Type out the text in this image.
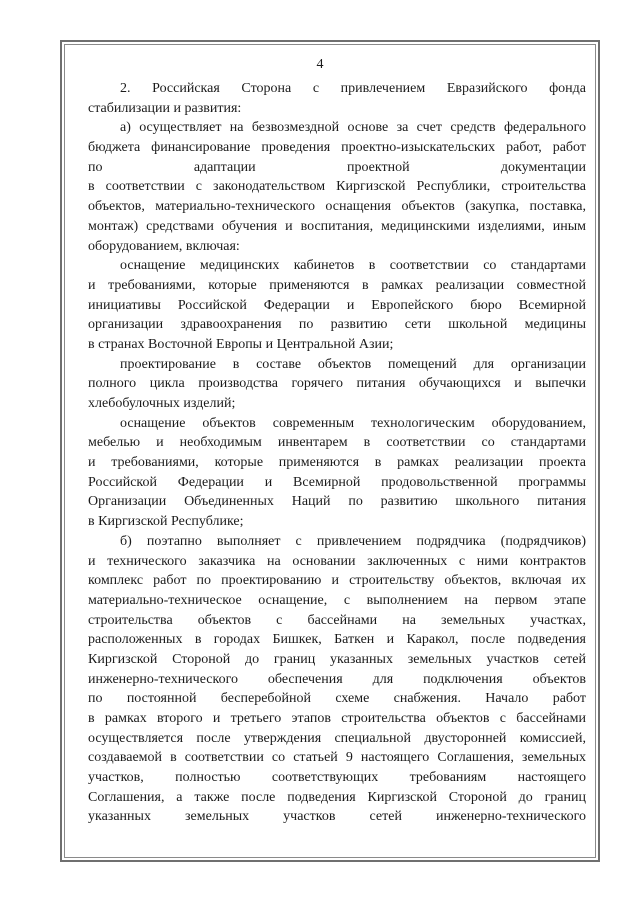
4
2. Российская Сторона с привлечением Евразийского фонда
стабилизации и развития:
а) осуществляет на безвозмездной основе за счет средств федерального
бюджета финансирование проведения проектно-изыскательских работ, работ
по адаптации проектной документации
в соответствии с законодательством Киргизской Республики, строительства
объектов, материально-технического оснащения объектов (закупка, поставка,
монтаж) средствами обучения и воспитания, медицинскими изделиями, иным
оборудованием, включая:
оснащение медицинских кабинетов в соответствии со стандартами
и требованиями, которые применяются в рамках реализации совместной
инициативы Российской Федерации и Европейского бюро Всемирной
организации здравоохранения по развитию сети школьной медицины
в странах Восточной Европы и Центральной Азии;
проектирование в составе объектов помещений для организации
полного цикла производства горячего питания обучающихся и выпечки
хлебобулочных изделий;
оснащение объектов современным технологическим оборудованием,
мебелью и необходимым инвентарем в соответствии со стандартами
и требованиями, которые применяются в рамках реализации проекта
Российской Федерации и Всемирной продовольственной программы
Организации Объединенных Наций по развитию школьного питания
в Киргизской Республике;
б) поэтапно выполняет с привлечением подрядчика (подрядчиков)
и технического заказчика на основании заключенных с ними контрактов
комплекс работ по проектированию и строительству объектов, включая их
материально-техническое оснащение, с выполнением на первом этапе
строительства объектов с бассейнами на земельных участках,
расположенных в городах Бишкек, Баткен и Каракол, после подведения
Киргизской Стороной до границ указанных земельных участков сетей
инженерно-технического обеспечения для подключения объектов
по постоянной бесперебойной схеме снабжения. Начало работ
в рамках второго и третьего этапов строительства объектов с бассейнами
осуществляется после утверждения специальной двусторонней комиссией,
создаваемой в соответствии со статьей 9 настоящего Соглашения, земельных
участков, полностью соответствующих требованиям настоящего
Соглашения, а также после подведения Киргизской Стороной до границ
указанных земельных участков сетей инженерно-технического
